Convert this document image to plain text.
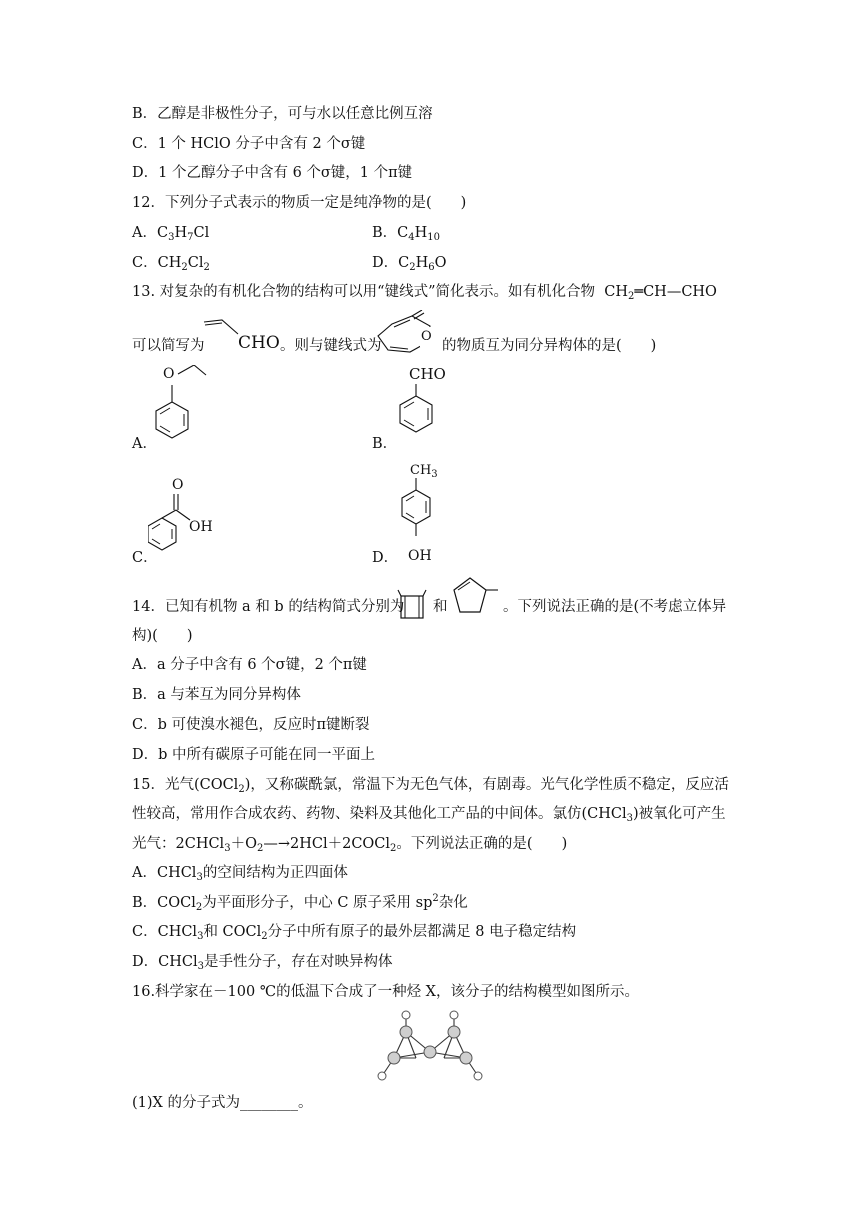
B．乙醇是非极性分子，可与水以任意比例互溶
C．1 个 HClO 分子中含有 2 个σ键
D．1 个乙醇分子中含有 6 个σ键，1 个π键
12．下列分子式表示的物质一定是纯净物的是(　　)
A．$C_3H_7Cl$	B．$C_4H_{10}$
C．$CH_2Cl_2$	D．$C_2H_6O$
13. 对复杂的有机化合物的结构可以用“键线式”简化表示。如有机化合物 $CH_2═CH—CHO$
可以简写为 CHO 。则与键线式为
O
的物质互为同分异构体的是(　　)
O
A．
CHO
B．
O
OH
C．
$CH_3$
OH
D．
14．已知有机物 a 和 b 的结构简式分别为 和	。下列说法正确的是(不考虑立体异
构)(　　)
A．a 分子中含有 6 个σ键，2 个π键
B．a 与苯互为同分异构体
C．b 可使溴水褪色，反应时π键断裂
D．b 中所有碳原子可能在同一平面上
15．光气(COCl$_2$)，又称碳酰氯，常温下为无色气体，有剧毒。光气化学性质不稳定，反应活
性较高，常用作合成农药、药物、染料及其他化工产品的中间体。氯仿(CHCl$_3$)被氧化可产生
光气：$2CHCl_3+O_2—\to 2HCl+2COCl_2$。下列说法正确的是(　　)
A．CHCl$_3$的空间结构为正四面体
B．COCl$_2$为平面形分子，中心 C 原子采用 $sp^2$杂化
C．CHCl$_3$和 COCl$_2$分子中所有原子的最外层都满足 8 电子稳定结构
D．CHCl$_3$是手性分子，存在对映异构体
16.科学家在－100 ℃的低温下合成了一种烃 X，该分子的结构模型如图所示。
(1)X 的分子式为________。
